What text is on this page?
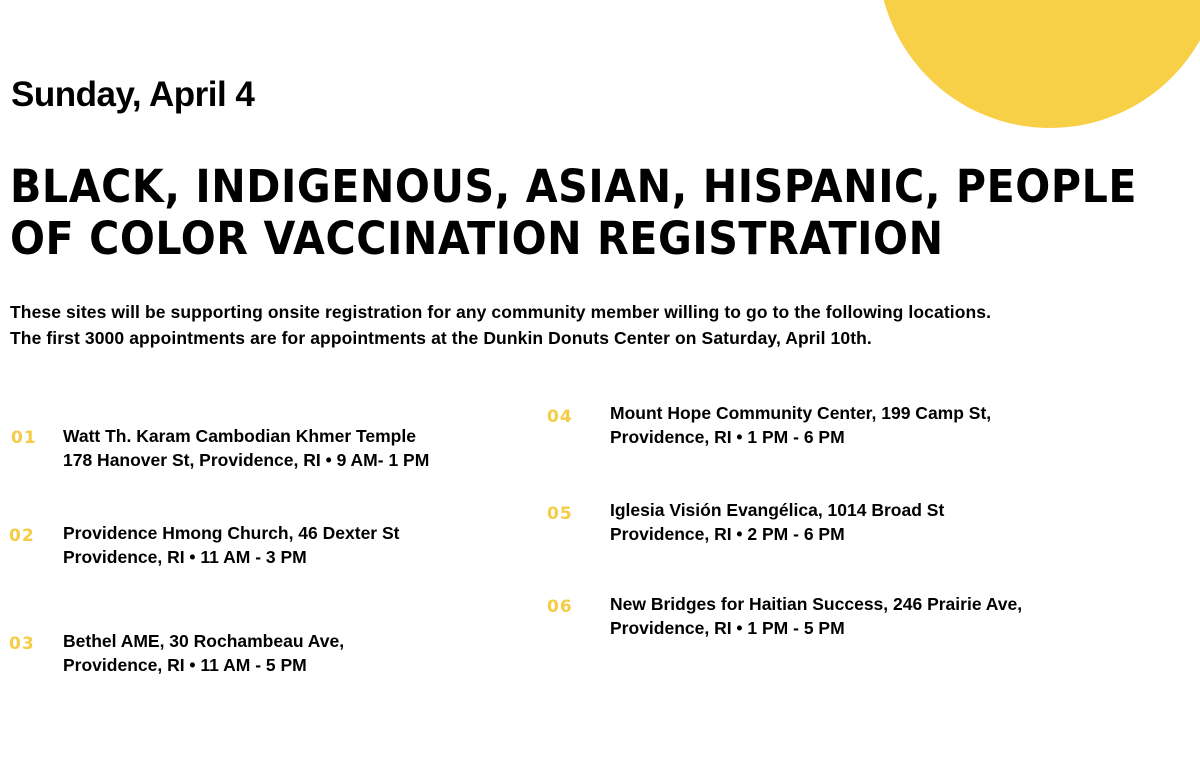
Sunday, April 4
BLACK, INDIGENOUS, ASIAN, HISPANIC, PEOPLE
OF COLOR VACCINATION REGISTRATION

These sites will be supporting onsite registration for any community member willing to go to the following locations.
The first 3000 appointments are for appointments at the Dunkin Donuts Center on Saturday, April 10th.

01 Watt Th. Karam Cambodian Khmer Temple
178 Hanover St, Providence, RI • 9 AM- 1 PM
02 Providence Hmong Church, 46 Dexter St
Providence, RI • 11 AM - 3 PM
03 Bethel AME, 30 Rochambeau Ave,
Providence, RI • 11 AM - 5 PM
04 Mount Hope Community Center, 199 Camp St,
Providence, RI • 1 PM - 6 PM
05 Iglesia Visión Evangélica, 1014 Broad St
Providence, RI • 2 PM - 6 PM
06 New Bridges for Haitian Success, 246 Prairie Ave,
Providence, RI • 1 PM - 5 PM
